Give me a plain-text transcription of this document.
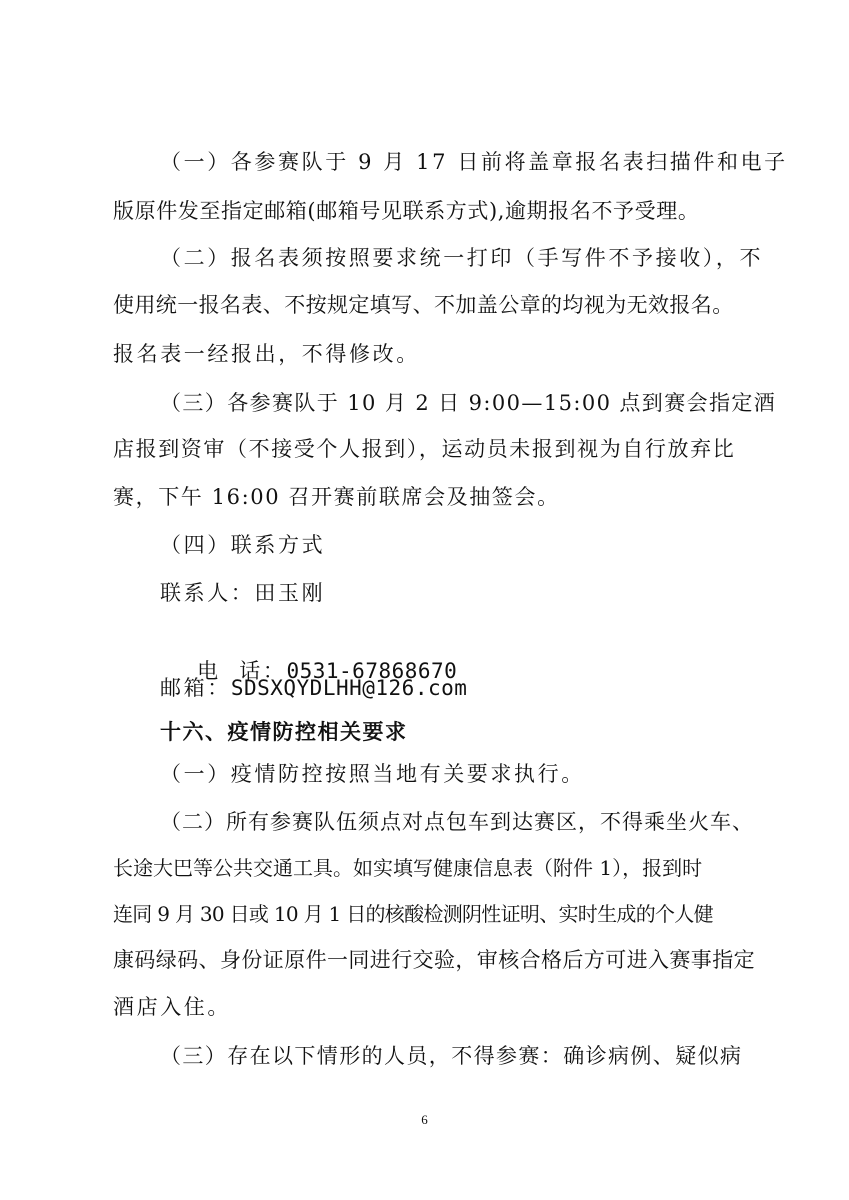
（一）各参赛队于 9 月 17 日前将盖章报名表扫描件和电子
版原件发至指定邮箱(邮箱号见联系方式),逾期报名不予受理。
（二）报名表须按照要求统一打印（手写件不予接收），不
使用统一报名表、不按规定填写、不加盖公章的均视为无效报名。
报名表一经报出，不得修改。
（三）各参赛队于 10 月 2 日 9:00—15:00 点到赛会指定酒
店报到资审（不接受个人报到），运动员未报到视为自行放弃比
赛，下午 16:00 召开赛前联席会及抽签会。
（四）联系方式
联系人：田玉刚

电  话：0531-67868670

邮箱：SDSXQYDLHH@126.com
十六、疫情防控相关要求
（一）疫情防控按照当地有关要求执行。
（二）所有参赛队伍须点对点包车到达赛区，不得乘坐火车、
长途大巴等公共交通工具。如实填写健康信息表（附件 1），报到时
连同 9 月 30 日或 10 月 1 日的核酸检测阴性证明、实时生成的个人健
康码绿码、身份证原件一同进行交验，审核合格后方可进入赛事指定
酒店入住。
（三）存在以下情形的人员，不得参赛：确诊病例、疑似病
6
